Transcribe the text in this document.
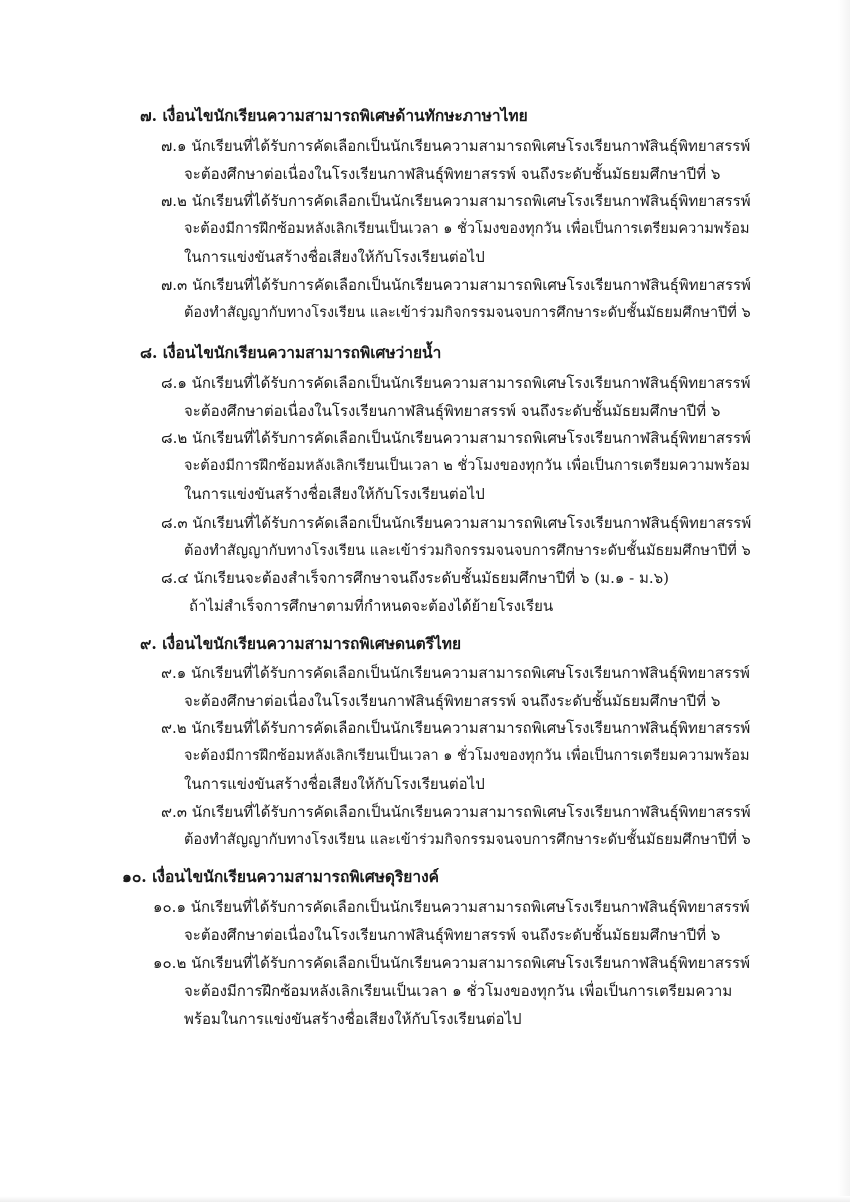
๗. เงื่อนไขนักเรียนความสามารถพิเศษด้านทักษะภาษาไทย
๗.๑ นักเรียนที่ได้รับการคัดเลือกเป็นนักเรียนความสามารถพิเศษโรงเรียนกาฬสินธุ์พิทยาสรรพ์
จะต้องศึกษาต่อเนื่องในโรงเรียนกาฬสินธุ์พิทยาสรรพ์ จนถึงระดับชั้นมัธยมศึกษาปีที่ ๖
๗.๒ นักเรียนที่ได้รับการคัดเลือกเป็นนักเรียนความสามารถพิเศษโรงเรียนกาฬสินธุ์พิทยาสรรพ์
จะต้องมีการฝึกซ้อมหลังเลิกเรียนเป็นเวลา ๑ ชั่วโมงของทุกวัน เพื่อเป็นการเตรียมความพร้อม
ในการแข่งขันสร้างชื่อเสียงให้กับโรงเรียนต่อไป
๗.๓ นักเรียนที่ได้รับการคัดเลือกเป็นนักเรียนความสามารถพิเศษโรงเรียนกาฬสินธุ์พิทยาสรรพ์
ต้องทำสัญญากับทางโรงเรียน และเข้าร่วมกิจกรรมจนจบการศึกษาระดับชั้นมัธยมศึกษาปีที่ ๖
๘. เงื่อนไขนักเรียนความสามารถพิเศษว่ายน้ำ
๘.๑ นักเรียนที่ได้รับการคัดเลือกเป็นนักเรียนความสามารถพิเศษโรงเรียนกาฬสินธุ์พิทยาสรรพ์
จะต้องศึกษาต่อเนื่องในโรงเรียนกาฬสินธุ์พิทยาสรรพ์ จนถึงระดับชั้นมัธยมศึกษาปีที่ ๖
๘.๒ นักเรียนที่ได้รับการคัดเลือกเป็นนักเรียนความสามารถพิเศษโรงเรียนกาฬสินธุ์พิทยาสรรพ์
จะต้องมีการฝึกซ้อมหลังเลิกเรียนเป็นเวลา ๒ ชั่วโมงของทุกวัน เพื่อเป็นการเตรียมความพร้อม
ในการแข่งขันสร้างชื่อเสียงให้กับโรงเรียนต่อไป
๘.๓ นักเรียนที่ได้รับการคัดเลือกเป็นนักเรียนความสามารถพิเศษโรงเรียนกาฬสินธุ์พิทยาสรรพ์
ต้องทำสัญญากับทางโรงเรียน และเข้าร่วมกิจกรรมจนจบการศึกษาระดับชั้นมัธยมศึกษาปีที่ ๖
๘.๔ นักเรียนจะต้องสำเร็จการศึกษาจนถึงระดับชั้นมัธยมศึกษาปีที่ ๖ (ม.๑ - ม.๖)
ถ้าไม่สำเร็จการศึกษาตามที่กำหนดจะต้องได้ย้ายโรงเรียน
๙. เงื่อนไขนักเรียนความสามารถพิเศษดนตรีไทย
๙.๑ นักเรียนที่ได้รับการคัดเลือกเป็นนักเรียนความสามารถพิเศษโรงเรียนกาฬสินธุ์พิทยาสรรพ์
จะต้องศึกษาต่อเนื่องในโรงเรียนกาฬสินธุ์พิทยาสรรพ์ จนถึงระดับชั้นมัธยมศึกษาปีที่ ๖
๙.๒ นักเรียนที่ได้รับการคัดเลือกเป็นนักเรียนความสามารถพิเศษโรงเรียนกาฬสินธุ์พิทยาสรรพ์
จะต้องมีการฝึกซ้อมหลังเลิกเรียนเป็นเวลา ๑ ชั่วโมงของทุกวัน เพื่อเป็นการเตรียมความพร้อม
ในการแข่งขันสร้างชื่อเสียงให้กับโรงเรียนต่อไป
๙.๓ นักเรียนที่ได้รับการคัดเลือกเป็นนักเรียนความสามารถพิเศษโรงเรียนกาฬสินธุ์พิทยาสรรพ์
ต้องทำสัญญากับทางโรงเรียน และเข้าร่วมกิจกรรมจนจบการศึกษาระดับชั้นมัธยมศึกษาปีที่ ๖
๑๐. เงื่อนไขนักเรียนความสามารถพิเศษดุริยางค์
๑๐.๑ นักเรียนที่ได้รับการคัดเลือกเป็นนักเรียนความสามารถพิเศษโรงเรียนกาฬสินธุ์พิทยาสรรพ์
จะต้องศึกษาต่อเนื่องในโรงเรียนกาฬสินธุ์พิทยาสรรพ์ จนถึงระดับชั้นมัธยมศึกษาปีที่ ๖
๑๐.๒ นักเรียนที่ได้รับการคัดเลือกเป็นนักเรียนความสามารถพิเศษโรงเรียนกาฬสินธุ์พิทยาสรรพ์
จะต้องมีการฝึกซ้อมหลังเลิกเรียนเป็นเวลา ๑ ชั่วโมงของทุกวัน เพื่อเป็นการเตรียมความ
พร้อมในการแข่งขันสร้างชื่อเสียงให้กับโรงเรียนต่อไป
